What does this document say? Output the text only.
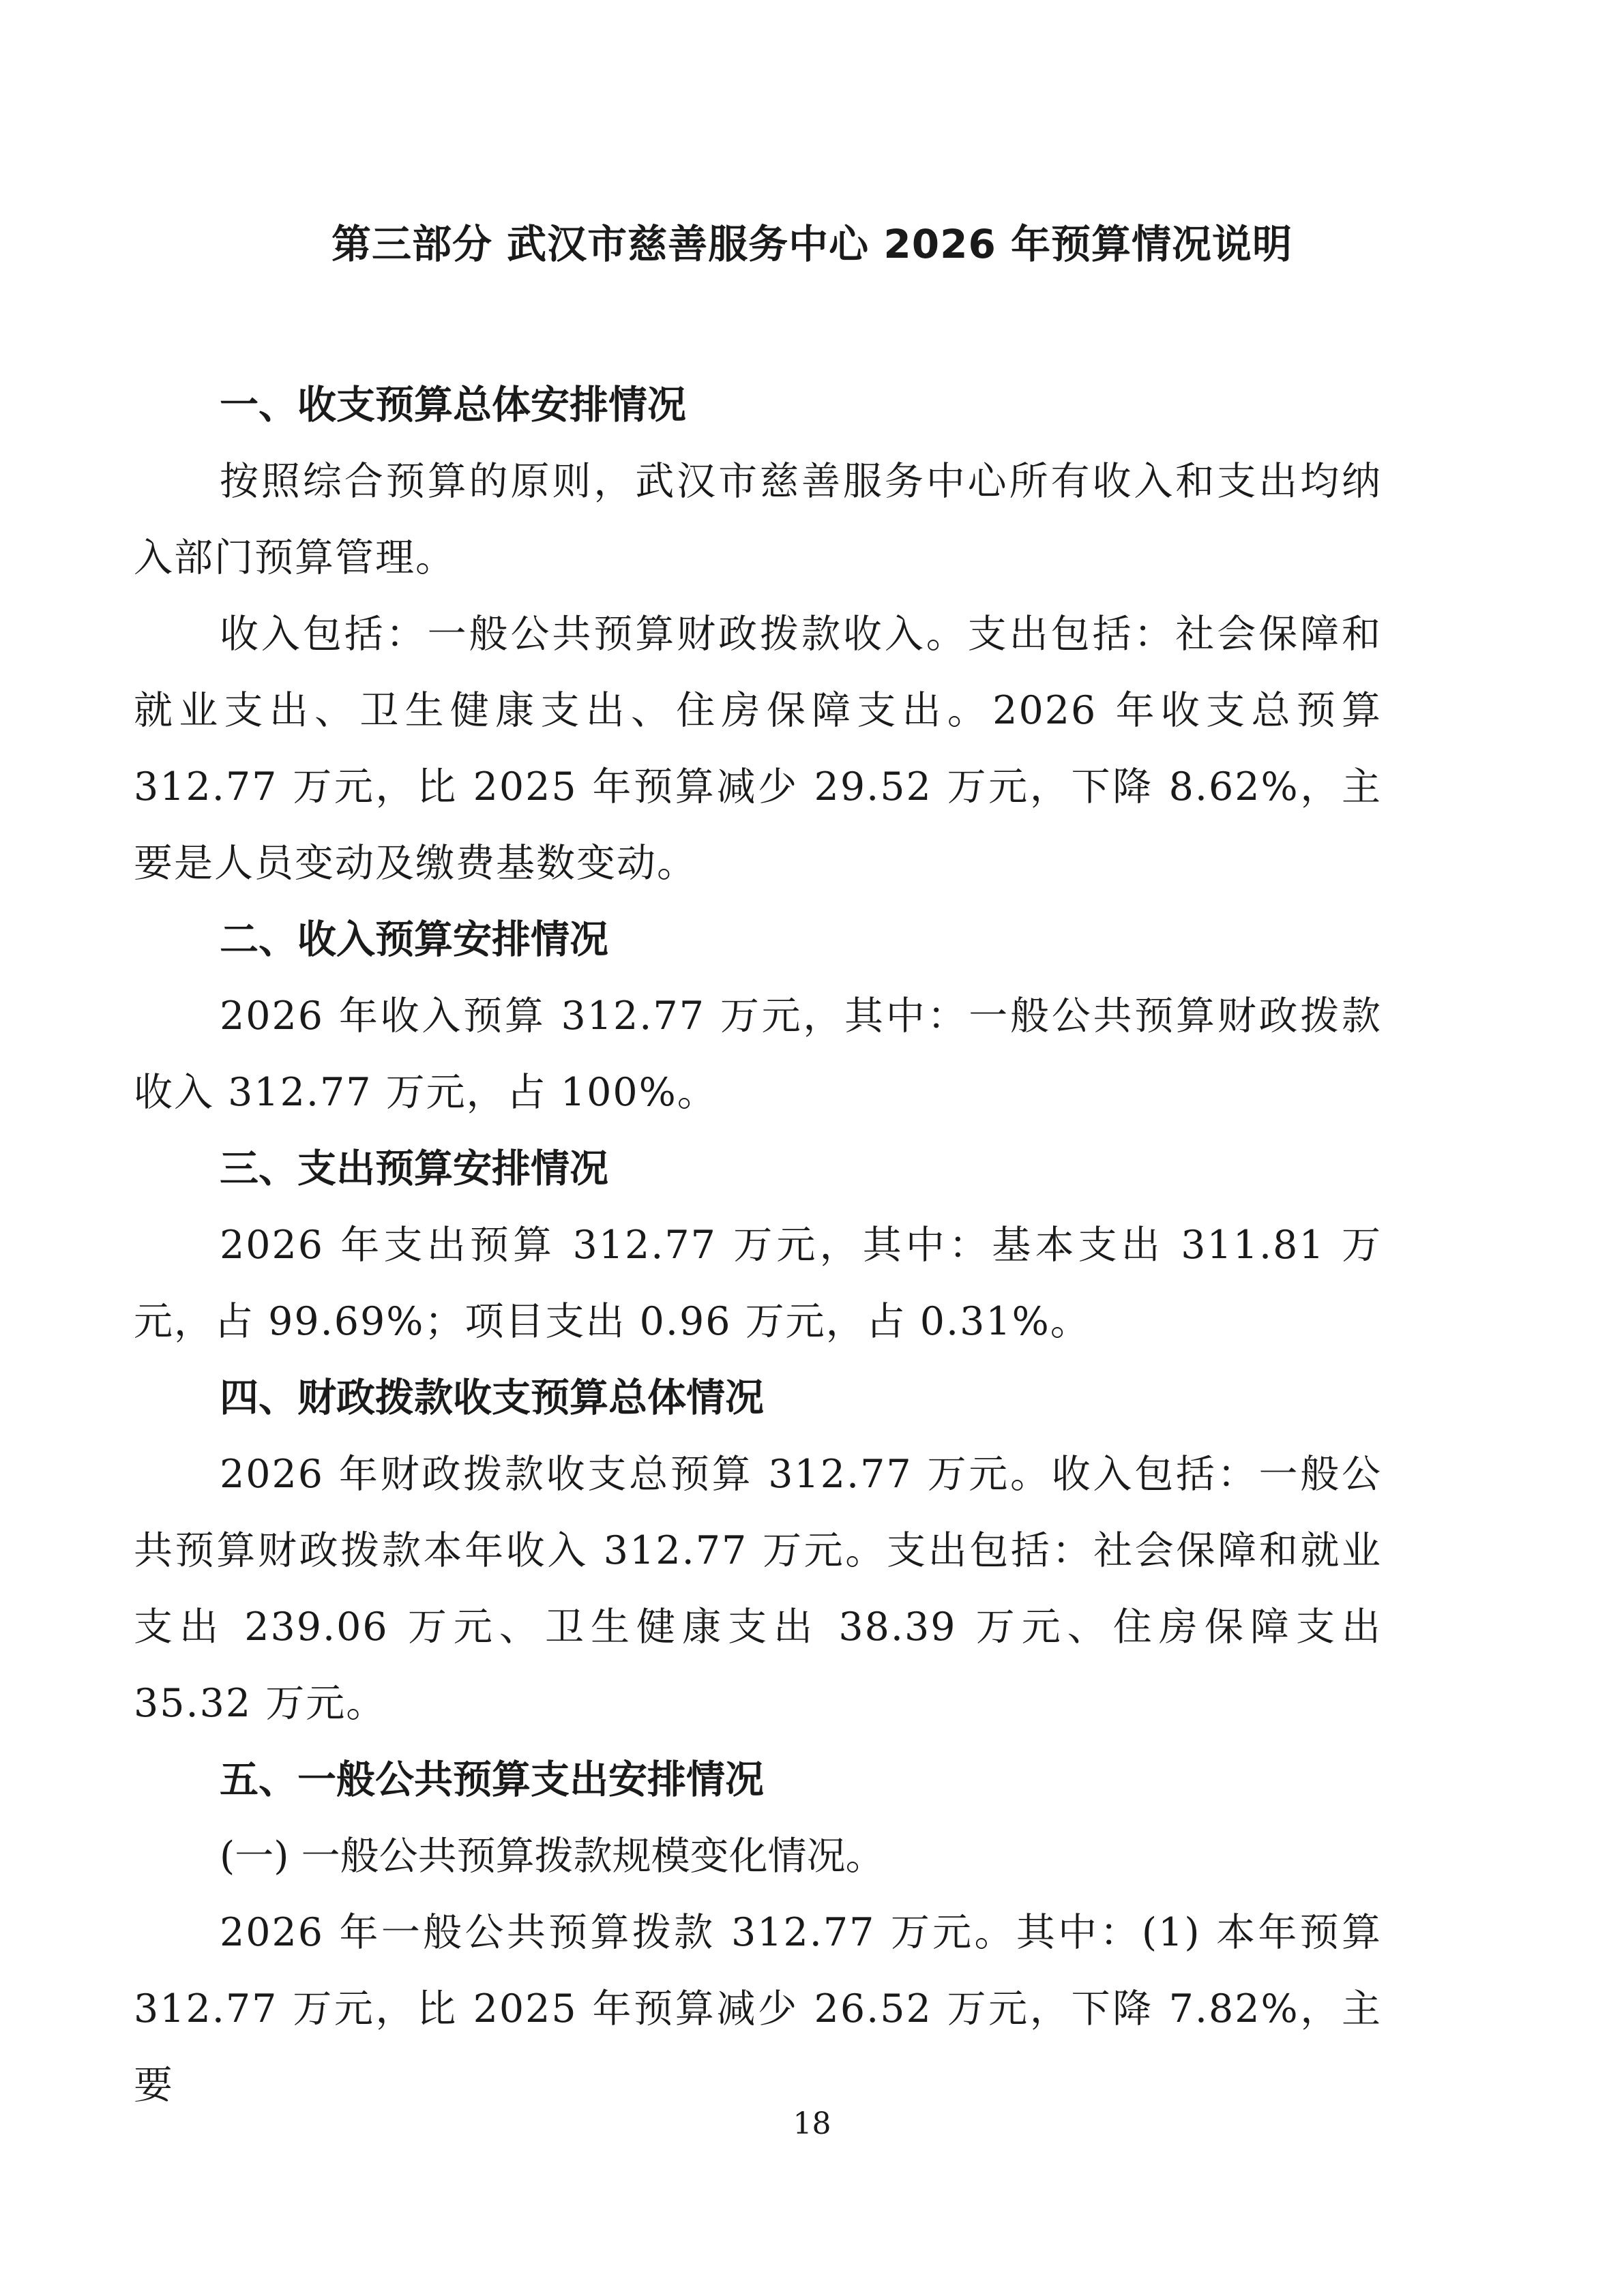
第三部分 武汉市慈善服务中心 2026 年预算情况说明

一、收支预算总体安排情况

按照综合预算的原则，武汉市慈善服务中心所有收入和支出均纳入部门预算管理。

收入包括：一般公共预算财政拨款收入。支出包括：社会保障和就业支出、卫生健康支出、住房保障支出。2026 年收支总预算 312.77 万元，比 2025 年预算减少 29.52 万元，下降 8.62%，主要是人员变动及缴费基数变动。

二、收入预算安排情况

2026 年收入预算 312.77 万元，其中：一般公共预算财政拨款收入 312.77 万元，占 100%。

三、支出预算安排情况

2026 年支出预算 312.77 万元，其中：基本支出 311.81 万元，占 99.69%；项目支出 0.96 万元，占 0.31%。

四、财政拨款收支预算总体情况

2026 年财政拨款收支总预算 312.77 万元。收入包括：一般公共预算财政拨款本年收入 312.77 万元。支出包括：社会保障和就业支出 239.06 万元、卫生健康支出 38.39 万元、住房保障支出 35.32 万元。

五、一般公共预算支出安排情况

(一) 一般公共预算拨款规模变化情况。

2026 年一般公共预算拨款 312.77 万元。其中：(1) 本年预算 312.77 万元，比 2025 年预算减少 26.52 万元，下降 7.82%，主要

18
